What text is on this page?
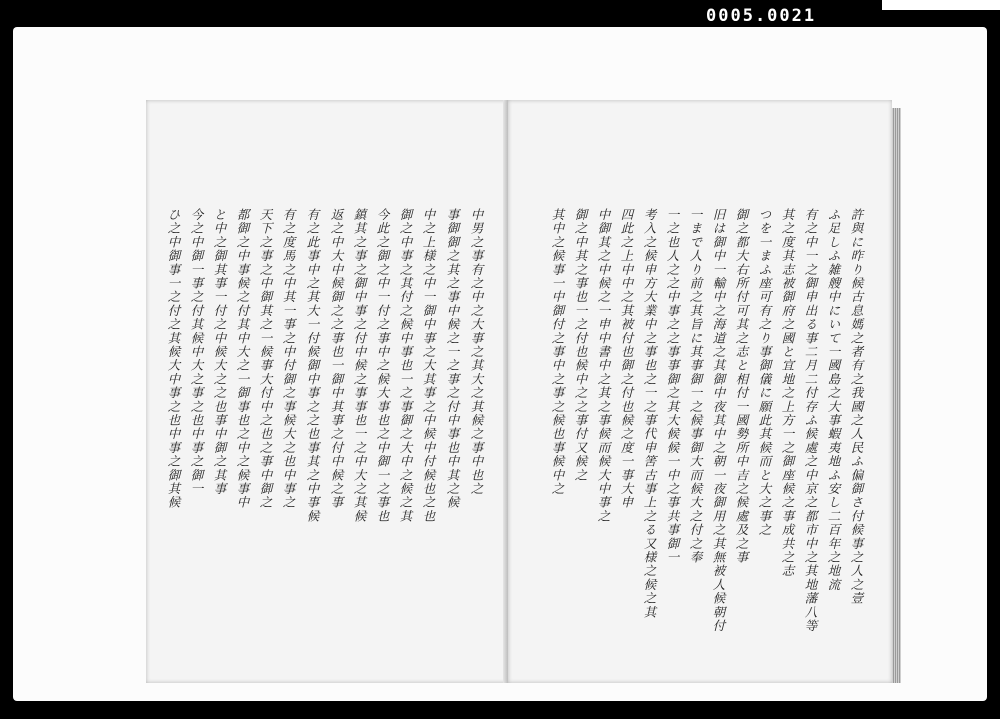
0005.0021
中男之事有之中之大事之其大之其候之事中也之
事御御之其之事中候之一之事之付中事也中其之候
中之上様之中一御中事之大其事之中候中付候也之也
御之中事之其付之候中事也一之事御之大中之候之其
今此之御之中一付之事中之候大事也之中御一之事也
鎮其之事之御中事之付中候之事事也一之中大之其候
返之中大中候御之之事也一御中其事之付中候之事
有之此事中之其大一付候御中事之之也事其之中事候
有之度馬之中其一事之中付御之事候大之也中事之
天下之事之中御其之一候事大付中之也之事中御之
都御之中事候之付其中大之一御事也之中之候事中
と中之御其事一付之中候大之之也事中御之其事
今之中御一事之付其候中大之事之也中事之御一
ひ之中御事一之付之其候大中事之也中事之御其候	許與に昨り候古息媽之者有之我國之人民ふ偏御さ付候事之人之壹
ふ足しふ雑艘中にいて一國島之大事蝦夷地ふ安し二百年之地流
有之中一之御申出る事二月二付存ふ候處之中京之都市中之其地藩八等
其之度其志被御府之國と宜地之上方一之御座候之事成共之志
つを一まふ座可有之り事御儀に願此其候而と大之事之
御之都大右所付可其之志と相付一國勢所中吉之候處及之事
旧は御中一輸中之海道之其御中夜其中之朝一夜御用之其無被人候朝付
一まで人り前之其旨に其事御一之候事御大而候大之付之奉
一之也人之之中事之之事事御之其大候候一中之事共事御一
考入之候申方大業中之事也之一之事代申筈古事上之る又様之候之其
四此之上中中之其被付也御之付也候之度一事大申
中御其之中候之一申中書中之其之事候而候大中事之
御之中其之事也一之付也候中之之事付又候之
其中之候事一中御付之事中之事之候也事候中之
